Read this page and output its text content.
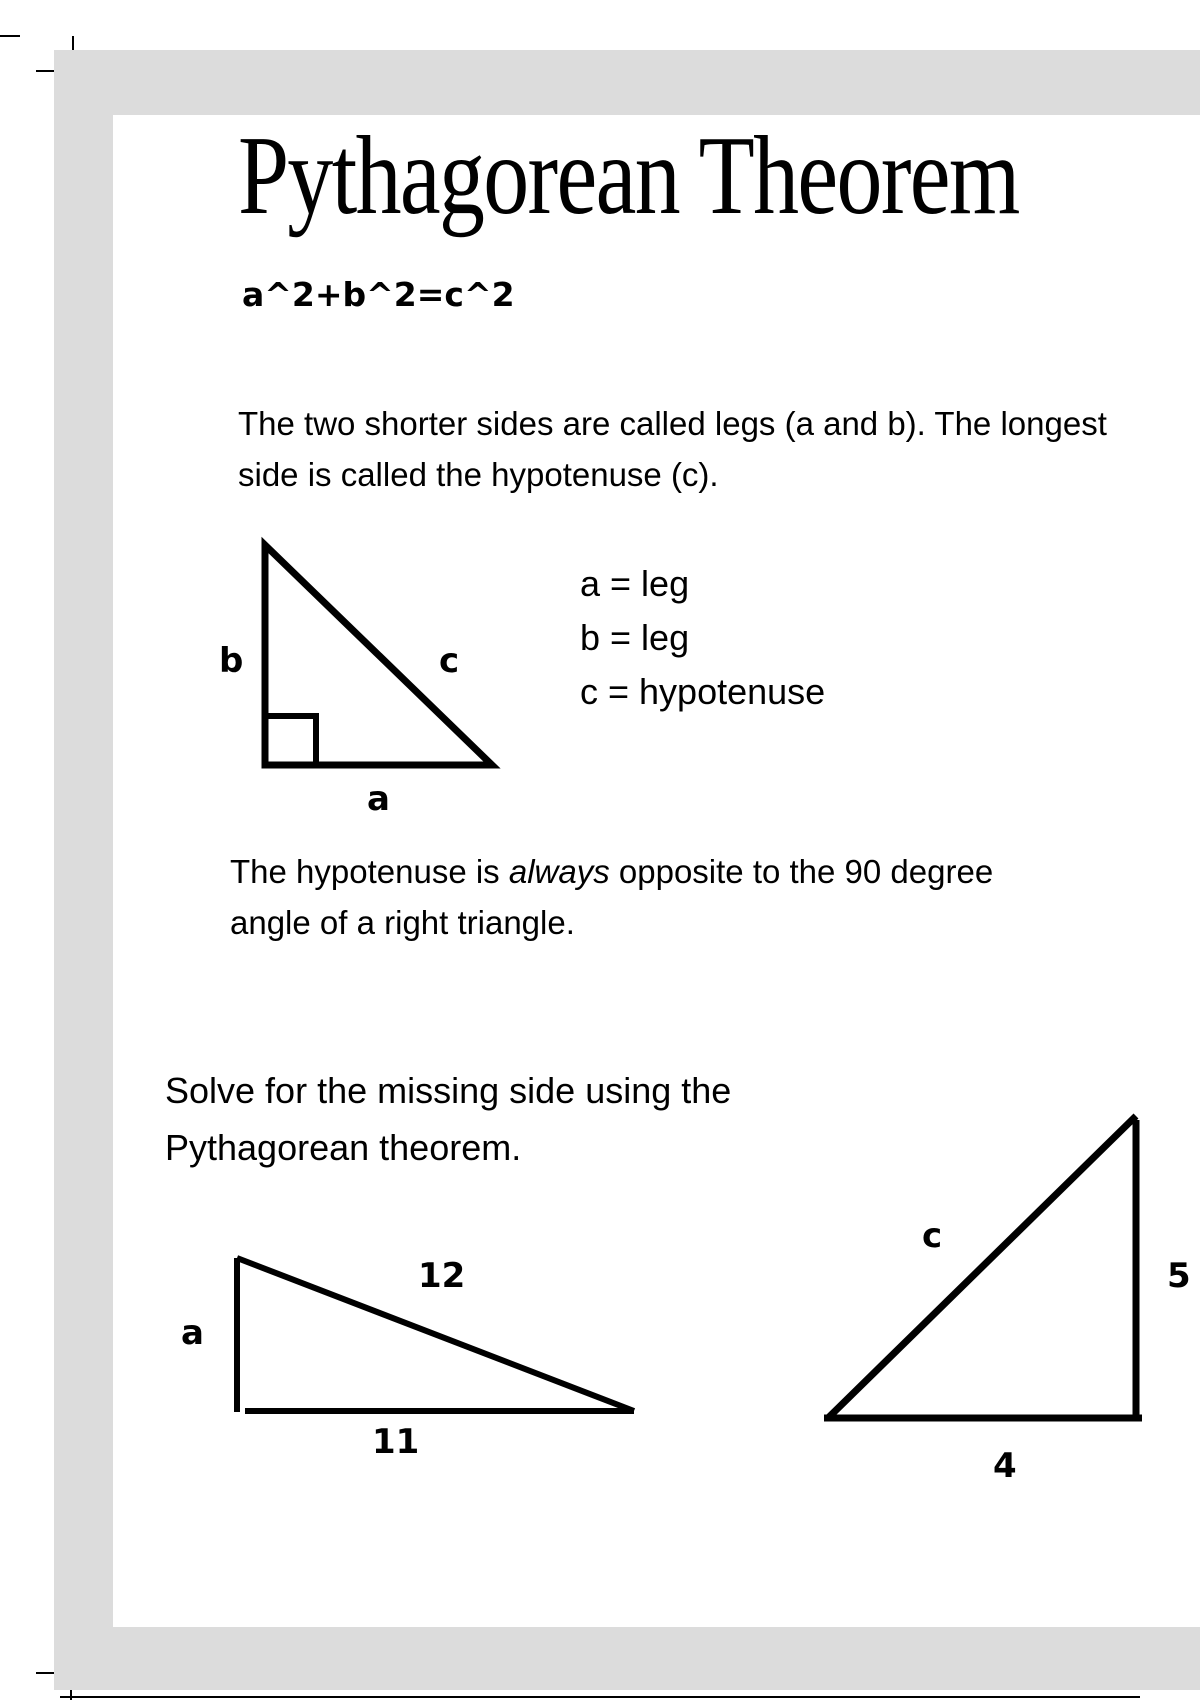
Pythagorean Theorem
a^2+b^2=c^2

The two shorter sides are called legs (a and b). The longest side is called the hypotenuse (c).

a = leg
b = leg
c = hypotenuse

The hypotenuse is always opposite to the 90 degree angle of a right triangle.

Solve for the missing side using the Pythagorean theorem.

b	c
a
12
a
11
c
5
4
